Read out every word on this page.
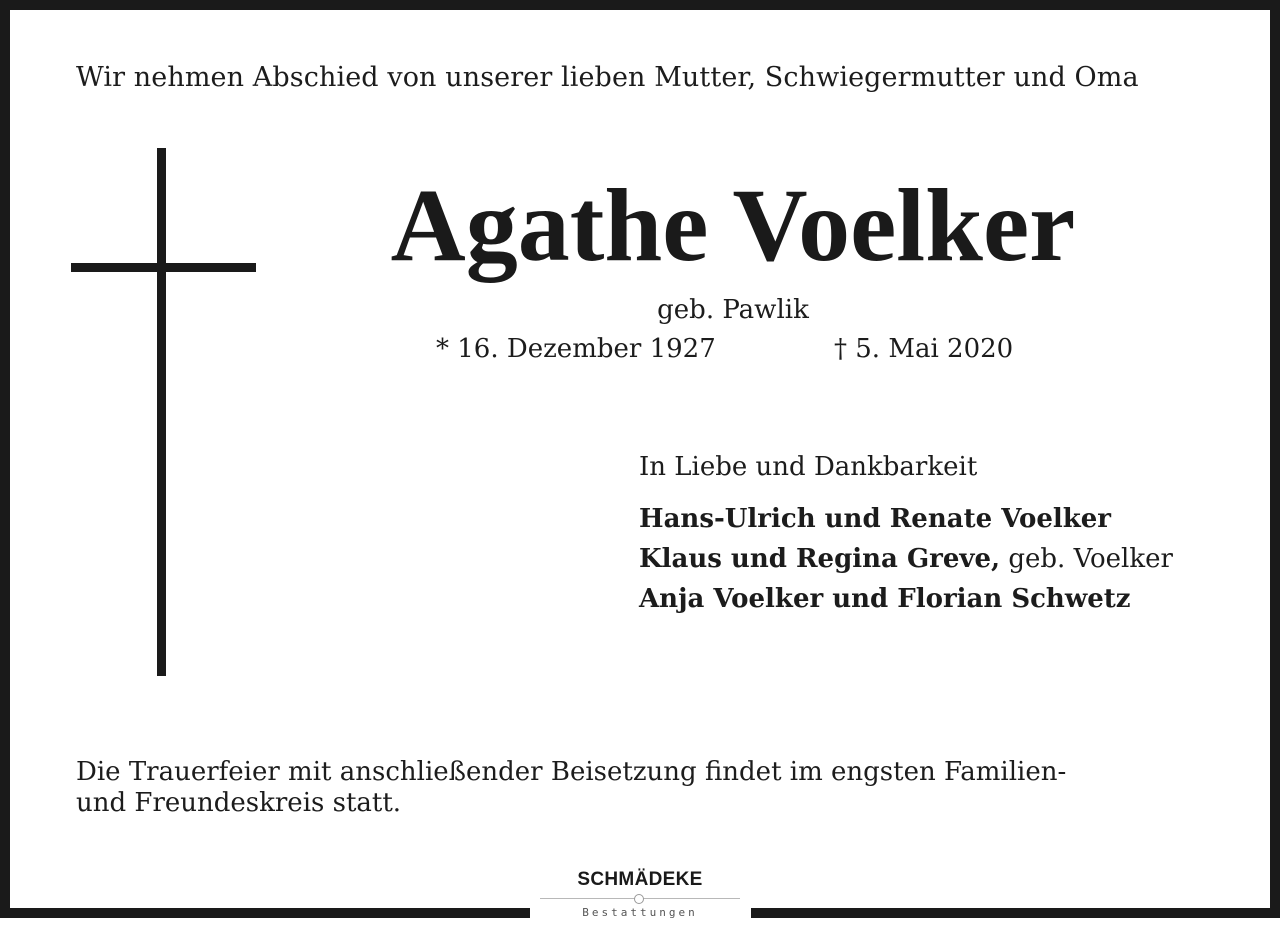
Wir nehmen Abschied von unserer lieben Mutter, Schwiegermutter und Oma
Agathe Voelker
geb. Pawlik
* 16. Dezember 1927	† 5. Mai 2020
In Liebe und Dankbarkeit
Hans-Ulrich und Renate Voelker
Klaus und Regina Greve, geb. Voelker
Anja Voelker und Florian Schwetz
Die Trauerfeier mit anschließender Beisetzung findet im engsten Familien-
und Freundeskreis statt.
SCHMÄDEKE
Bestattungen
